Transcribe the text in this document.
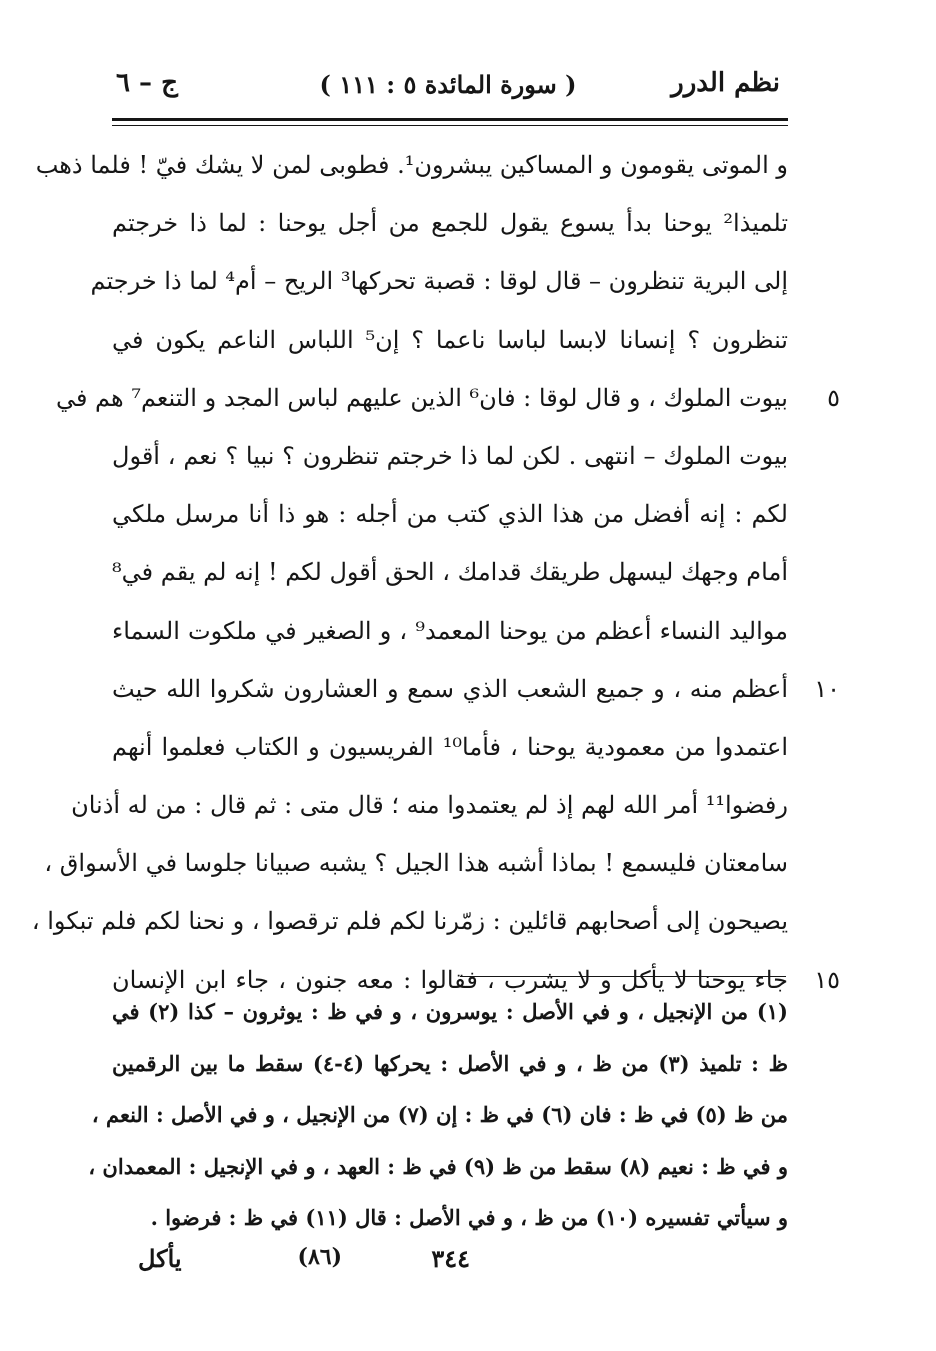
نظم الدرر
( سورة المائدة ٥ : ١١١ )
ج – ٦
و الموتى يقومون و المساكين يبشرون¹. فطوبى لمن لا يشك فيّ ! فلما ذهب
تلميذا² يوحنا بدأ يسوع يقول للجمع من أجل يوحنا : لما ذا خرجتم
إلى البرية تنظرون – قال لوقا : قصبة تحركها³ الريح – أم⁴ لما ذا خرجتم
تنظرون ؟ إنسانا لابسا لباسا ناعما ؟ إن⁵ اللباس الناعم يكون في
٥
بيوت الملوك ، و قال لوقا : فان⁶ الذين عليهم لباس المجد و التنعم⁷ هم في
بيوت الملوك – انتهى . لكن لما ذا خرجتم تنظرون ؟ نبيا ؟ نعم ، أقول
لكم : إنه أفضل من هذا الذي كتب من أجله : هو ذا أنا مرسل ملكي
أمام وجهك ليسهل طريقك قدامك ، الحق أقول لكم ! إنه لم يقم في⁸
مواليد النساء أعظم من يوحنا المعمد⁹ ، و الصغير في ملكوت السماء
١٠
أعظم منه ، و جميع الشعب الذي سمع و العشارون شكروا الله حيث
اعتمدوا من معمودية يوحنا ، فأما¹⁰ الفريسيون و الكتاب فعلموا أنهم
رفضوا¹¹ أمر الله لهم إذ لم يعتمدوا منه ؛ قال متى : ثم قال : من له أذنان
سامعتان فليسمع ! بماذا أشبه هذا الجيل ؟ يشبه صبيانا جلوسا في الأسواق ،
يصيحون إلى أصحابهم قائلين : زمّرنا لكم فلم ترقصوا ، و نحنا لكم فلم تبكوا ،
١٥
جاء يوحنا لا يأكل و لا يشرب ، فقالوا : معه جنون ، جاء ابن الإنسان
(١) من الإنجيل ، و في الأصل : يوسرون ، و في ظ : يوثرون – كذا (٢) في
ظ : تلميذ (٣) من ظ ، و في الأصل : يحركها (٤-٤) سقط ما بين الرقمين
من ظ (٥) في ظ : فان (٦) في ظ : إن (٧) من الإنجيل ، و في الأصل : النعم ،
و في ظ : نعيم (٨) سقط من ظ (٩) في ظ : العهد ، و في الإنجيل : المعمدان ،
و سيأتي تفسيره (١٠) من ظ ، و في الأصل : قال (١١) في ظ : فرضوا .
٣٤٤
(٨٦)
يأكل
